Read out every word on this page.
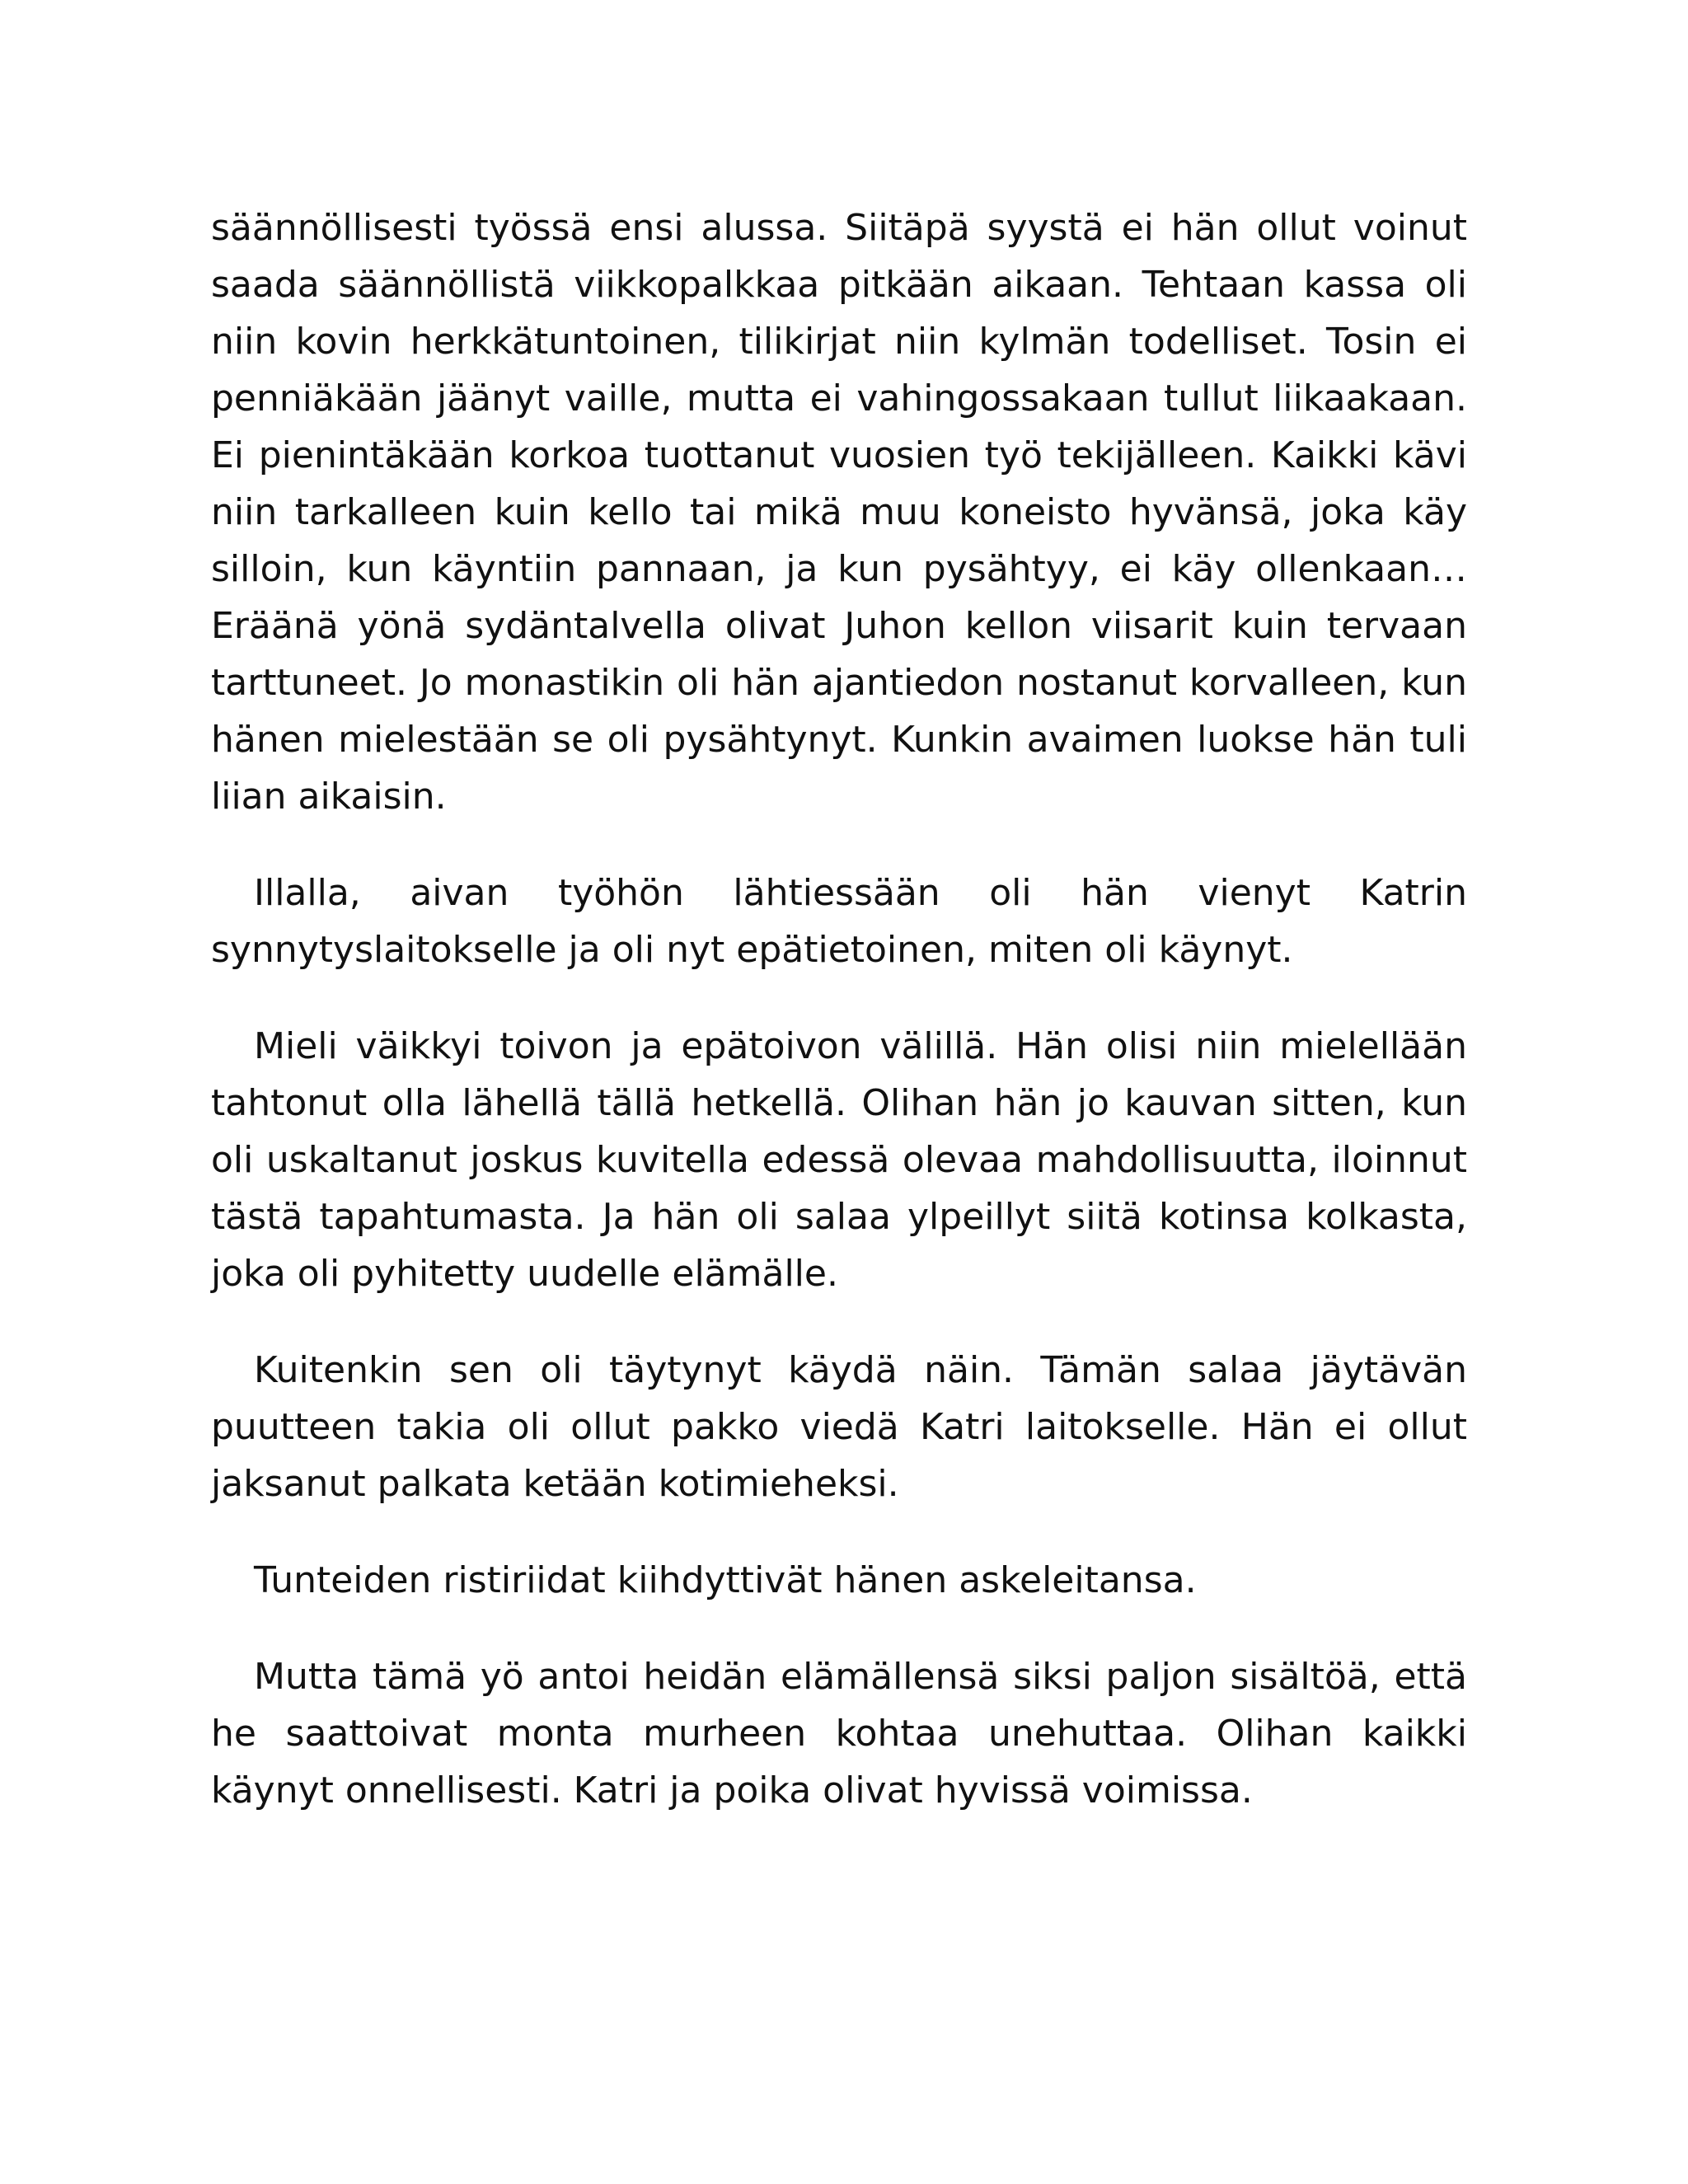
säännöllisesti työssä ensi alussa. Siitäpä syystä ei hän ollut voinut saada säännöllistä viikkopalkkaa pitkään aikaan. Tehtaan kassa oli niin kovin herkkätuntoinen, tilikirjat niin kylmän todelliset. Tosin ei penniäkään jäänyt vaille, mutta ei vahingossakaan tullut liikaakaan. Ei pienintäkään korkoa tuottanut vuosien työ tekijälleen. Kaikki kävi niin tarkalleen kuin kello tai mikä muu koneisto hyvänsä, joka käy silloin, kun käyntiin pannaan, ja kun pysähtyy, ei käy ollenkaan… Eräänä yönä sydäntalvella olivat Juhon kellon viisarit kuin tervaan tarttuneet. Jo monastikin oli hän ajantiedon nostanut korvalleen, kun hänen mielestään se oli pysähtynyt. Kunkin avaimen luokse hän tuli liian aikaisin.

Illalla, aivan työhön lähtiessään oli hän vienyt Katrin synnytyslaitokselle ja oli nyt epätietoinen, miten oli käynyt.

Mieli väikkyi toivon ja epätoivon välillä. Hän olisi niin mielellään tahtonut olla lähellä tällä hetkellä. Olihan hän jo kauvan sitten, kun oli uskaltanut joskus kuvitella edessä olevaa mahdollisuutta, iloinnut tästä tapahtumasta. Ja hän oli salaa ylpeillyt siitä kotinsa kolkasta, joka oli pyhitetty uudelle elämälle.

Kuitenkin sen oli täytynyt käydä näin. Tämän salaa jäytävän puutteen takia oli ollut pakko viedä Katri laitokselle. Hän ei ollut jaksanut palkata ketään kotimieheksi.

Tunteiden ristiriidat kiihdyttivät hänen askeleitansa.

Mutta tämä yö antoi heidän elämällensä siksi paljon sisältöä, että he saattoivat monta murheen kohtaa unehuttaa. Olihan kaikki käynyt onnellisesti. Katri ja poika olivat hyvissä voimissa.
